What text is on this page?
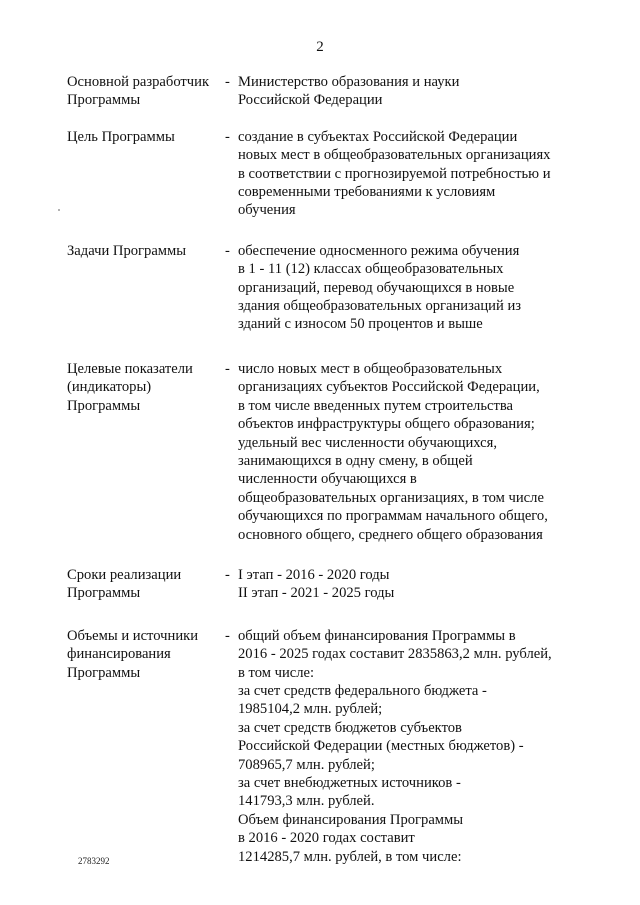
2
Основной разработчик
Программы
- Министерство образования и науки
Российской Федерации
Цель Программы	- создание в субъектах Российской Федерации
новых мест в общеобразовательных организациях
в соответствии с прогнозируемой потребностью и
современными требованиями к условиям
обучения
Задачи Программы	- обеспечение односменного режима обучения
в 1 - 11 (12) классах общеобразовательных
организаций, перевод обучающихся в новые
здания общеобразовательных организаций из
зданий с износом 50 процентов и выше
Целевые показатели
(индикаторы)
Программы
- число новых мест в общеобразовательных
организациях субъектов Российской Федерации,
в том числе введенных путем строительства
объектов инфраструктуры общего образования;
удельный вес численности обучающихся,
занимающихся в одну смену, в общей
численности обучающихся в
общеобразовательных организациях, в том числе
обучающихся по программам начального общего,
основного общего, среднего общего образования
Сроки реализации
Программы
- I этап - 2016 - 2020 годы
II этап - 2021 - 2025 годы
Объемы и источники
финансирования
Программы
- общий объем финансирования Программы в
2016 - 2025 годах составит 2835863,2 млн. рублей,
в том числе:
за счет средств федерального бюджета -
1985104,2 млн. рублей;
за счет средств бюджетов субъектов
Российской Федерации (местных бюджетов) -
708965,7 млн. рублей;
за счет внебюджетных источников -
141793,3 млн. рублей.
Объем финансирования Программы
в 2016 - 2020 годах составит
1214285,7 млн. рублей, в том числе:
2783292
